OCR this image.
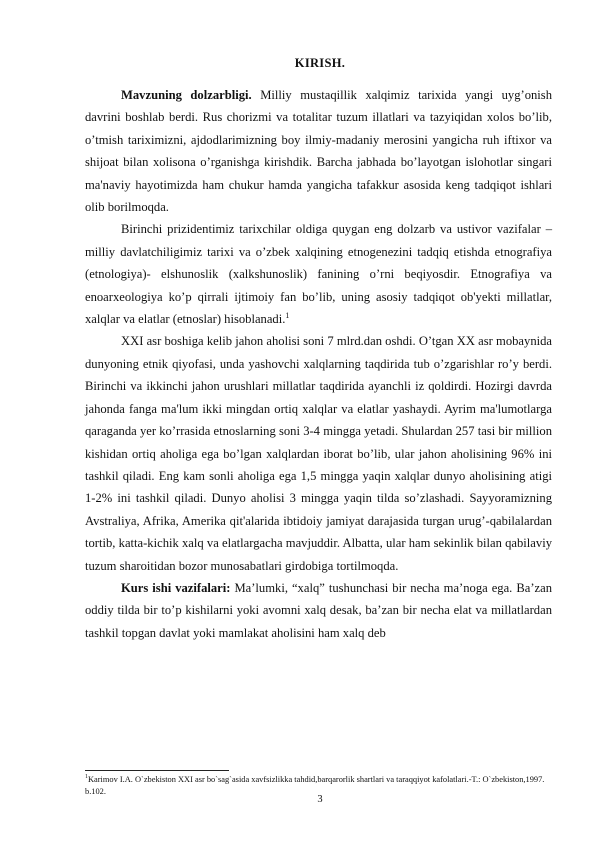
KIRISH.

Mavzuning dolzarbligi. Milliy mustaqillik xalqimiz tarixida yangi uyg’onish davrini boshlab berdi. Rus chorizmi va totalitar tuzum illatlari va tazyiqidan xolos bo’lib, o’tmish tariximizni, ajdodlarimizning boy ilmiy-madaniy merosini yangicha ruh iftixor va shijoat bilan xolisona o’rganishga kirishdik. Barcha jabhada bo’layotgan islohotlar singari ma'naviy hayotimizda ham chukur hamda yangicha tafakkur asosida keng tadqiqot ishlari olib borilmoqda.

Birinchi prizidentimiz tarixchilar oldiga quygan eng dolzarb va ustivor vazifalar – milliy davlatchiligimiz tarixi va o’zbek xalqining etnogenezini tadqiq etishda etnografiya (etnologiya)- elshunoslik (xalkshunoslik) fanining o’rni beqiyosdir. Etnografiya va enoarxeologiya ko’p qirrali ijtimoiy fan bo’lib, uning asosiy tadqiqot ob'yekti millatlar, xalqlar va elatlar (etnoslar) hisoblanadi.$^1$

XXI asr boshiga kelib jahon aholisi soni 7 mlrd.dan oshdi. O’tgan XX asr mobaynida dunyoning etnik qiyofasi, unda yashovchi xalqlarning taqdirida tub o’zgarishlar ro’y berdi. Birinchi va ikkinchi jahon urushlari millatlar taqdirida ayanchli iz qoldirdi. Hozirgi davrda jahonda fanga ma'lum ikki mingdan ortiq xalqlar va elatlar yashaydi. Ayrim ma'lumotlarga qaraganda yer ko’rrasida etnoslarning soni 3-4 mingga yetadi. Shulardan 257 tasi bir million kishidan ortiq aholiga ega bo’lgan xalqlardan iborat bo’lib, ular jahon aholisining 96% ini tashkil qiladi. Eng kam sonli aholiga ega 1,5 mingga yaqin xalqlar dunyo aholisining atigi 1-2% ini tashkil qiladi. Dunyo aholisi 3 mingga yaqin tilda so’zlashadi. Sayyoramizning Avstraliya, Afrika, Amerika qit'alarida ibtidoiy jamiyat darajasida turgan urug’-qabilalardan tortib, katta-kichik xalq va elatlargacha mavjuddir. Albatta, ular ham sekinlik bilan qabilaviy tuzum sharoitidan bozor munosabatlari girdobiga tortilmoqda.

Kurs ishi vazifalari: Ma’lumki, “xalq” tushunchasi bir necha ma’noga ega. Ba’zan oddiy tilda bir to’p kishilarni yoki avomni xalq desak, ba’zan bir necha elat va millatlardan tashkil topgan davlat yoki mamlakat aholisini ham xalq deb

$^1$Karimov I.A. O`zbekiston XXI asr bo`sag`asida xavfsizlikka tahdid,barqarorlik shartlari va taraqqiyot kafolatlari.-T.: O`zbekiston,1997. b.102.
3
